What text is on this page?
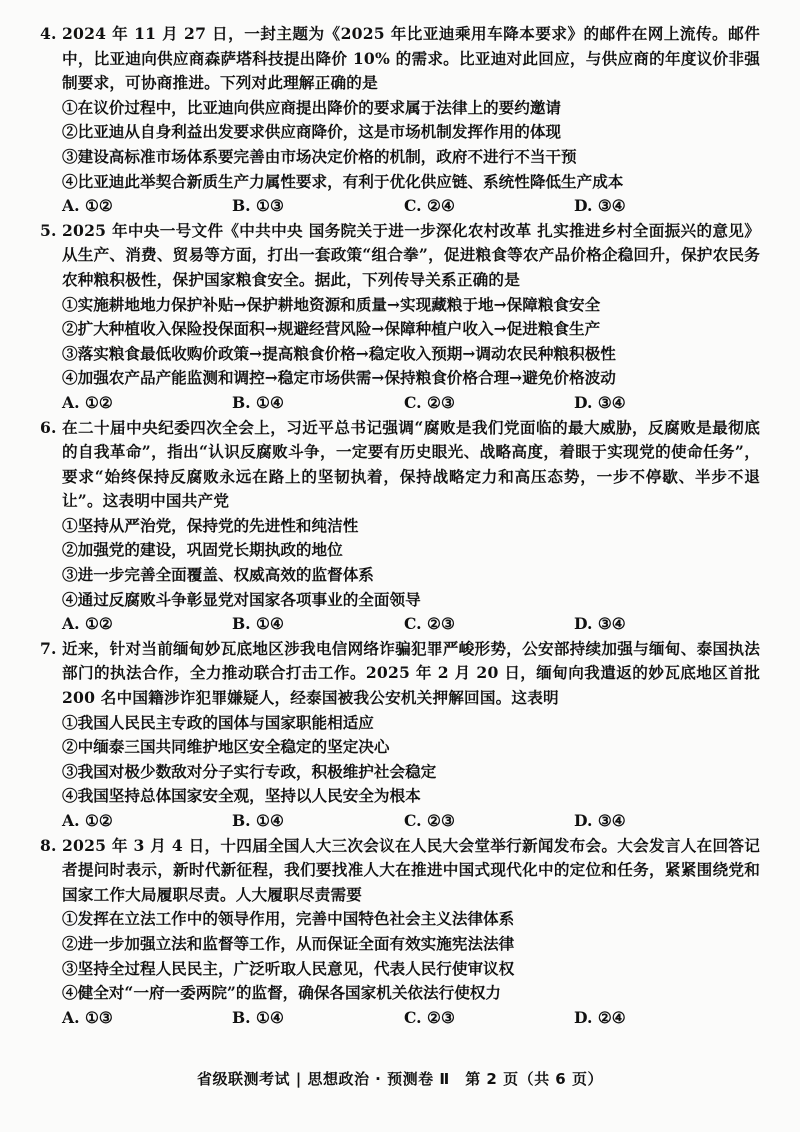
4. 2024 年 11 月 27 日，一封主题为《2025 年比亚迪乘用车降本要求》的邮件在网上流传。邮件中，比亚迪向供应商森萨塔科技提出降价 10% 的需求。比亚迪对此回应，与供应商的年度议价非强制要求，可协商推进。下列对此理解正确的是

①在议价过程中，比亚迪向供应商提出降价的要求属于法律上的要约邀请

②比亚迪从自身利益出发要求供应商降价，这是市场机制发挥作用的体现

③建设高标准市场体系要完善由市场决定价格的机制，政府不进行不当干预

④比亚迪此举契合新质生产力属性要求，有利于优化供应链、系统性降低生产成本

A. ①②	B. ①③	C. ②④	D. ③④

5. 2025 年中央一号文件《中共中央 国务院关于进一步深化农村改革 扎实推进乡村全面振兴的意见》从生产、消费、贸易等方面，打出一套政策“组合拳”，促进粮食等农产品价格企稳回升，保护农民务农种粮积极性，保护国家粮食安全。据此，下列传导关系正确的是

①实施耕地地力保护补贴→保护耕地资源和质量→实现藏粮于地→保障粮食安全

②扩大种植收入保险投保面积→规避经营风险→保障种植户收入→促进粮食生产

③落实粮食最低收购价政策→提高粮食价格→稳定收入预期→调动农民种粮积极性

④加强农产品产能监测和调控→稳定市场供需→保持粮食价格合理→避免价格波动

A. ①②	B. ①④	C. ②③	D. ③④

6. 在二十届中央纪委四次全会上，习近平总书记强调“腐败是我们党面临的最大威胁，反腐败是最彻底的自我革命”，指出“认识反腐败斗争，一定要有历史眼光、战略高度，着眼于实现党的使命任务”，要求“始终保持反腐败永远在路上的坚韧执着，保持战略定力和高压态势，一步不停歇、半步不退让”。这表明中国共产党

①坚持从严治党，保持党的先进性和纯洁性

②加强党的建设，巩固党长期执政的地位

③进一步完善全面覆盖、权威高效的监督体系

④通过反腐败斗争彰显党对国家各项事业的全面领导

A. ①②	B. ①④	C. ②③	D. ③④

7. 近来，针对当前缅甸妙瓦底地区涉我电信网络诈骗犯罪严峻形势，公安部持续加强与缅甸、泰国执法部门的执法合作，全力推动联合打击工作。2025 年 2 月 20 日，缅甸向我遣返的妙瓦底地区首批 200 名中国籍涉诈犯罪嫌疑人，经泰国被我公安机关押解回国。这表明

①我国人民民主专政的国体与国家职能相适应

②中缅泰三国共同维护地区安全稳定的坚定决心

③我国对极少数敌对分子实行专政，积极维护社会稳定

④我国坚持总体国家安全观，坚持以人民安全为根本

A. ①②	B. ①④	C. ②③	D. ③④

8. 2025 年 3 月 4 日，十四届全国人大三次会议在人民大会堂举行新闻发布会。大会发言人在回答记者提问时表示，新时代新征程，我们要找准人大在推进中国式现代化中的定位和任务，紧紧围绕党和国家工作大局履职尽责。人大履职尽责需要

①发挥在立法工作中的领导作用，完善中国特色社会主义法律体系

②进一步加强立法和监督等工作，从而保证全面有效实施宪法法律

③坚持全过程人民民主，广泛听取人民意见，代表人民行使审议权

④健全对“一府一委两院”的监督，确保各国家机关依法行使权力

A. ①③	B. ①④	C. ②③	D. ②④
省级联测考试 | 思想政治 · 预测卷 Ⅱ　第 2 页（共 6 页）
